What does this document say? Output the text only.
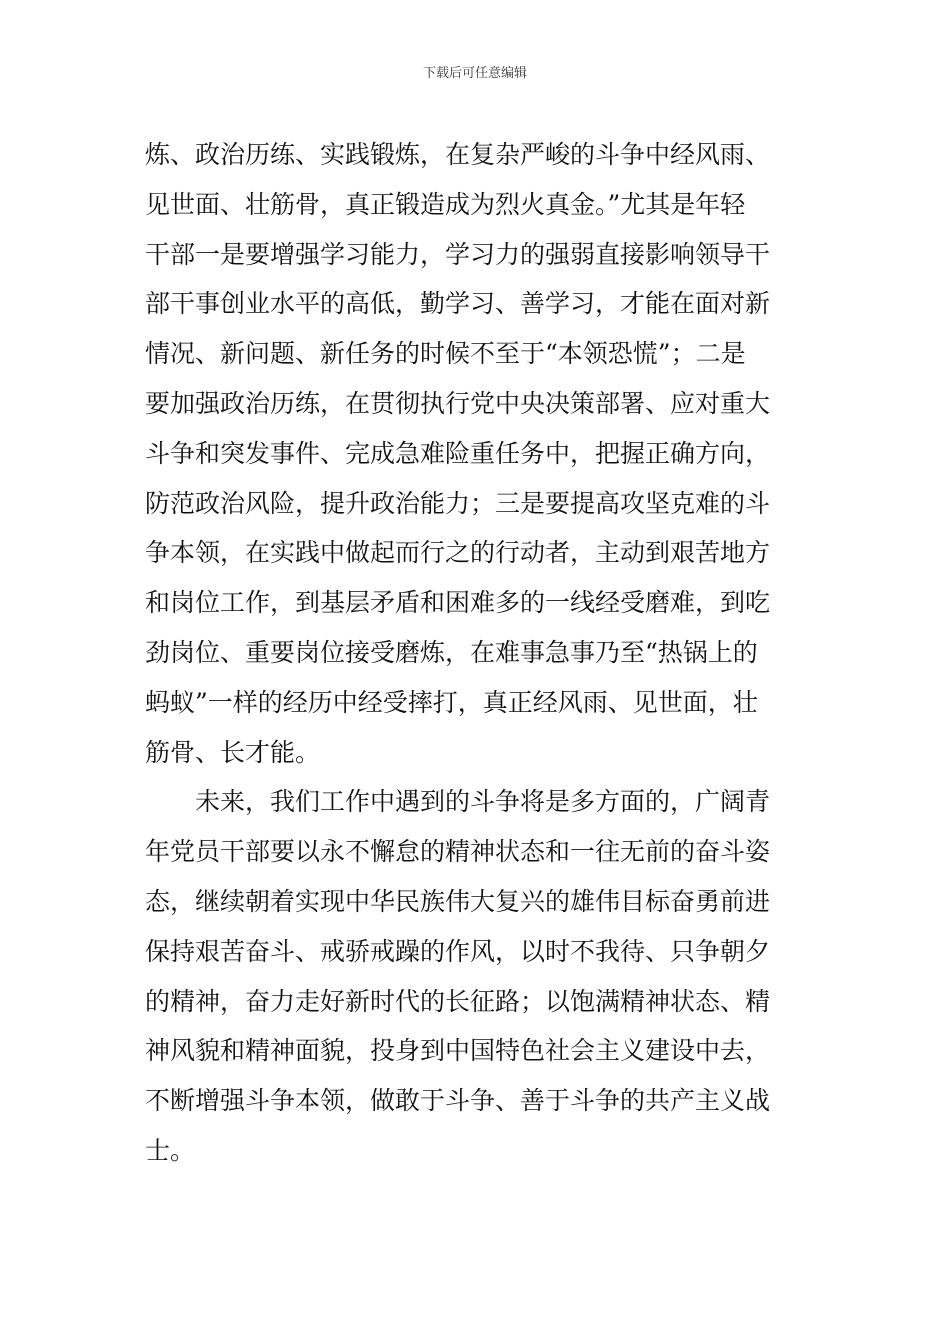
下载后可任意编辑
炼、政治历练、实践锻炼，在复杂严峻的斗争中经风雨、
见世面、壮筋骨，真正锻造成为烈火真金。”尤其是年轻
干部一是要增强学习能力，学习力的强弱直接影响领导干
部干事创业水平的高低，勤学习、善学习，才能在面对新
情况、新问题、新任务的时候不至于“本领恐慌”；二是
要加强政治历练，在贯彻执行党中央决策部署、应对重大
斗争和突发事件、完成急难险重任务中，把握正确方向，
防范政治风险，提升政治能力；三是要提高攻坚克难的斗
争本领，在实践中做起而行之的行动者，主动到艰苦地方
和岗位工作，到基层矛盾和困难多的一线经受磨难，到吃
劲岗位、重要岗位接受磨炼，在难事急事乃至“热锅上的
蚂蚁”一样的经历中经受摔打，真正经风雨、见世面，壮
筋骨、长才能。
未来，我们工作中遇到的斗争将是多方面的，广阔青
年党员干部要以永不懈怠的精神状态和一往无前的奋斗姿
态，继续朝着实现中华民族伟大复兴的雄伟目标奋勇前进
保持艰苦奋斗、戒骄戒躁的作风，以时不我待、只争朝夕
的精神，奋力走好新时代的长征路；以饱满精神状态、精
神风貌和精神面貌，投身到中国特色社会主义建设中去，
不断增强斗争本领，做敢于斗争、善于斗争的共产主义战
士。
